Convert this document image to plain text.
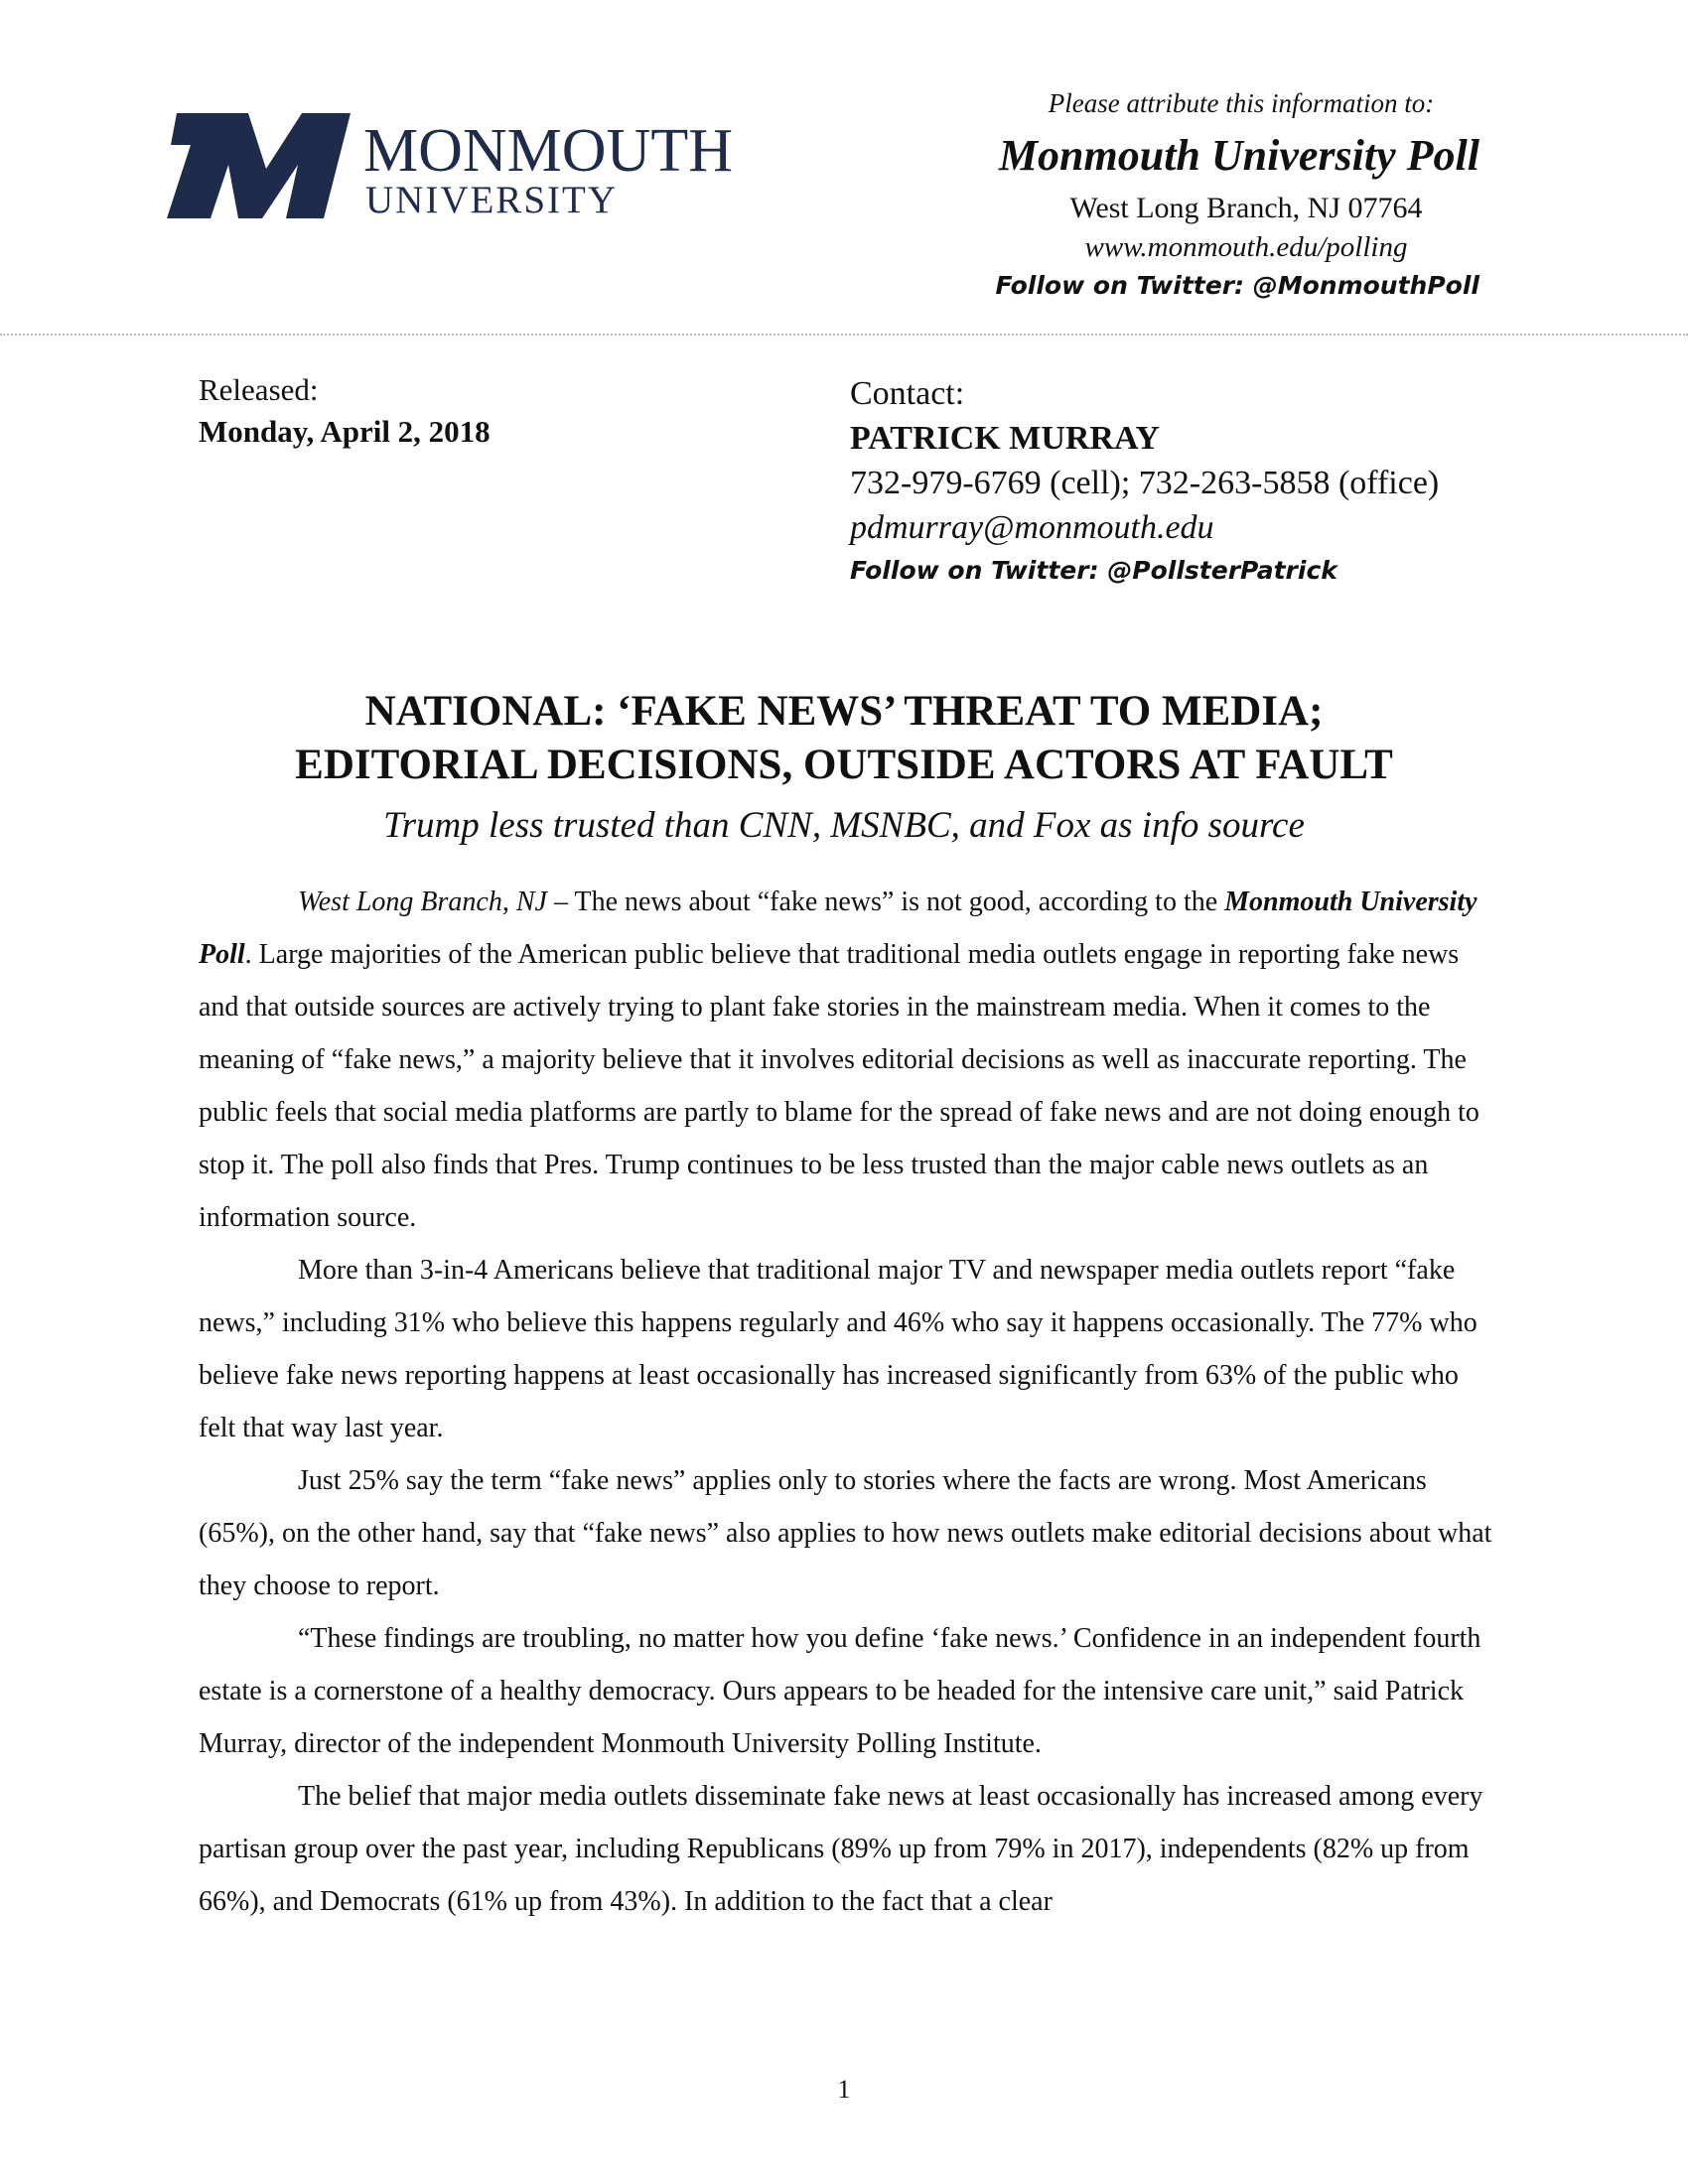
MONMOUTH
UNIVERSITY
Please attribute this information to:
Monmouth University Poll
West Long Branch, NJ 07764
www.monmouth.edu/polling
Follow on Twitter: @MonmouthPoll
Released:
Monday, April 2, 2018
Contact:
PATRICK MURRAY
732-979-6769 (cell); 732-263-5858 (office)
pdmurray@monmouth.edu
Follow on Twitter: @PollsterPatrick
NATIONAL: ‘FAKE NEWS’ THREAT TO MEDIA;
EDITORIAL DECISIONS, OUTSIDE ACTORS AT FAULT
Trump less trusted than CNN, MSNBC, and Fox as info source

West Long Branch, NJ – The news about “fake news” is not good, according to the Monmouth University Poll. Large majorities of the American public believe that traditional media outlets engage in reporting fake news and that outside sources are actively trying to plant fake stories in the mainstream media. When it comes to the meaning of “fake news,” a majority believe that it involves editorial decisions as well as inaccurate reporting. The public feels that social media platforms are partly to blame for the spread of fake news and are not doing enough to stop it. The poll also finds that Pres. Trump continues to be less trusted than the major cable news outlets as an information source.

More than 3-in-4 Americans believe that traditional major TV and newspaper media outlets report “fake news,” including 31% who believe this happens regularly and 46% who say it happens occasionally. The 77% who believe fake news reporting happens at least occasionally has increased significantly from 63% of the public who felt that way last year.

Just 25% say the term “fake news” applies only to stories where the facts are wrong. Most Americans (65%), on the other hand, say that “fake news” also applies to how news outlets make editorial decisions about what they choose to report.

“These findings are troubling, no matter how you define ‘fake news.’ Confidence in an independent fourth estate is a cornerstone of a healthy democracy. Ours appears to be headed for the intensive care unit,” said Patrick Murray, director of the independent Monmouth University Polling Institute.

The belief that major media outlets disseminate fake news at least occasionally has increased among every partisan group over the past year, including Republicans (89% up from 79% in 2017), independents (82% up from 66%), and Democrats (61% up from 43%). In addition to the fact that a clear

1
